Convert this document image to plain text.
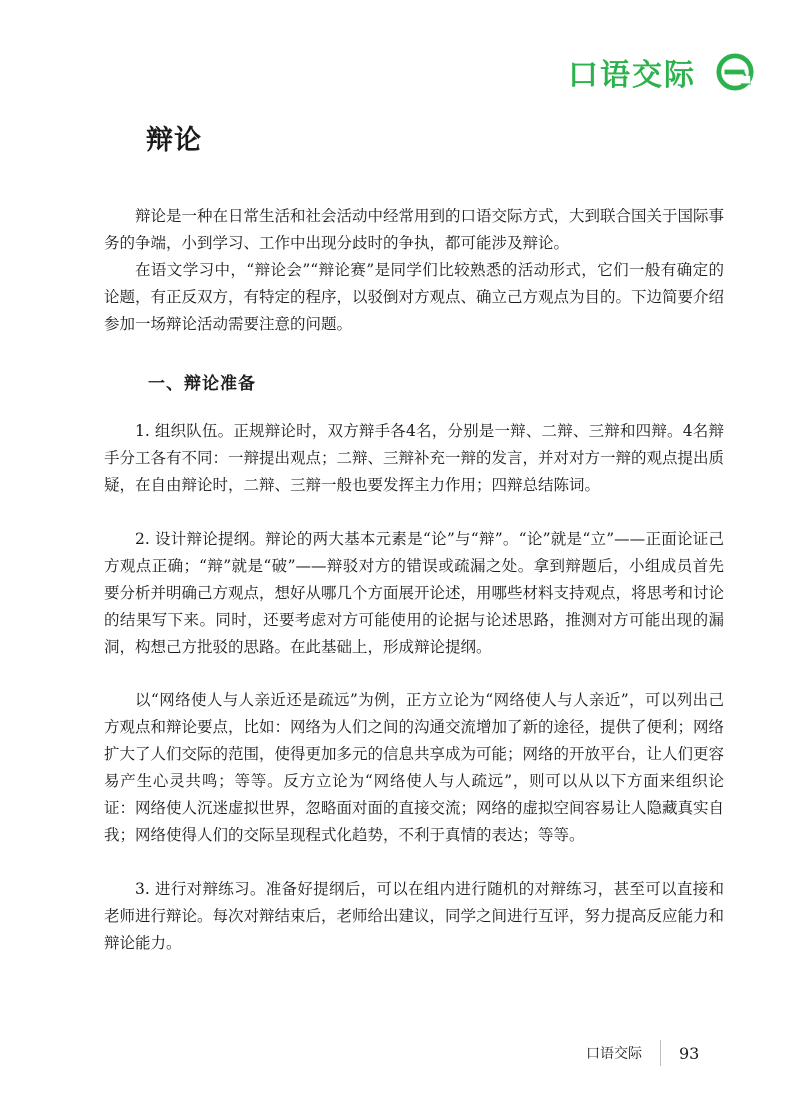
口语交际
辩论

辩论是一种在日常生活和社会活动中经常用到的口语交际方式，大到联合国关于国际事务的争端，小到学习、工作中出现分歧时的争执，都可能涉及辩论。

在语文学习中，“辩论会”“辩论赛”是同学们比较熟悉的活动形式，它们一般有确定的论题，有正反双方，有特定的程序，以驳倒对方观点、确立己方观点为目的。下边简要介绍参加一场辩论活动需要注意的问题。

一、辩论准备

1. 组织队伍。正规辩论时，双方辩手各4名，分别是一辩、二辩、三辩和四辩。4名辩手分工各有不同：一辩提出观点；二辩、三辩补充一辩的发言，并对对方一辩的观点提出质疑，在自由辩论时，二辩、三辩一般也要发挥主力作用；四辩总结陈词。

2. 设计辩论提纲。辩论的两大基本元素是“论”与“辩”。“论”就是“立”——正面论证己方观点正确；“辩”就是“破”——辩驳对方的错误或疏漏之处。拿到辩题后，小组成员首先要分析并明确己方观点，想好从哪几个方面展开论述，用哪些材料支持观点，将思考和讨论的结果写下来。同时，还要考虑对方可能使用的论据与论述思路，推测对方可能出现的漏洞，构想己方批驳的思路。在此基础上，形成辩论提纲。

以“网络使人与人亲近还是疏远”为例，正方立论为“网络使人与人亲近”，可以列出己方观点和辩论要点，比如：网络为人们之间的沟通交流增加了新的途径，提供了便利；网络扩大了人们交际的范围，使得更加多元的信息共享成为可能；网络的开放平台，让人们更容易产生心灵共鸣；等等。反方立论为“网络使人与人疏远”，则可以从以下方面来组织论证：网络使人沉迷虚拟世界，忽略面对面的直接交流；网络的虚拟空间容易让人隐藏真实自我；网络使得人们的交际呈现程式化趋势，不利于真情的表达；等等。

3. 进行对辩练习。准备好提纲后，可以在组内进行随机的对辩练习，甚至可以直接和老师进行辩论。每次对辩结束后，老师给出建议，同学之间进行互评，努力提高反应能力和辩论能力。

口语交际 93
